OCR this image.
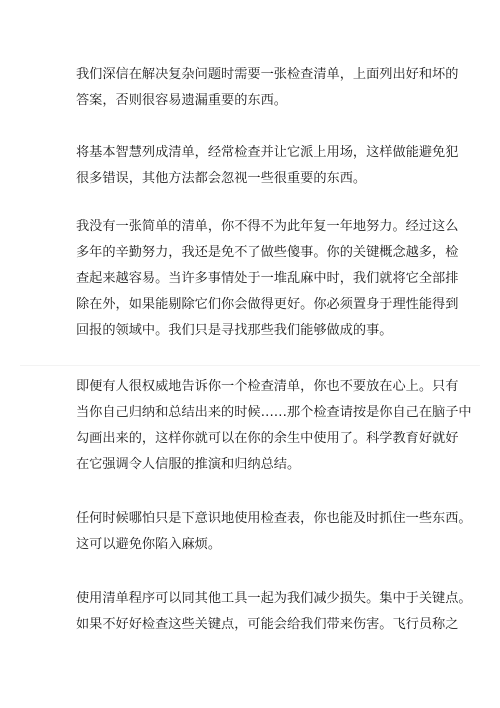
我们深信在解决复杂问题时需要一张检查清单，上面列出好和坏的
答案，否则很容易遗漏重要的东西。
将基本智慧列成清单，经常检查并让它派上用场，这样做能避免犯
很多错误，其他方法都会忽视一些很重要的东西。
我没有一张简单的清单，你不得不为此年复一年地努力。经过这么
多年的辛勤努力，我还是免不了做些傻事。你的关键概念越多，检
查起来越容易。当许多事情处于一堆乱麻中时，我们就将它全部排
除在外，如果能剔除它们你会做得更好。你必须置身于理性能得到
回报的领域中。我们只是寻找那些我们能够做成的事。
即便有人很权威地告诉你一个检查清单，你也不要放在心上。只有
当你自己归纳和总结出来的时候……那个检查请按是你自己在脑子中
勾画出来的，这样你就可以在你的余生中使用了。科学教育好就好
在它强调令人信服的推演和归纳总结。
任何时候哪怕只是下意识地使用检查表，你也能及时抓住一些东西。
这可以避免你陷入麻烦。
使用清单程序可以同其他工具一起为我们减少损失。集中于关键点。
如果不好好检查这些关键点，可能会给我们带来伤害。飞行员称之
